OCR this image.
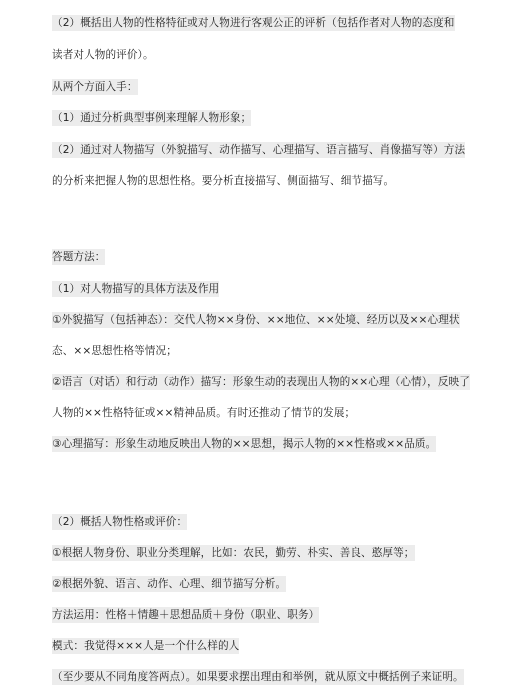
（2）概括出人物的性格特征或对人物进行客观公正的评析（包括作者对人物的态度和
读者对人物的评价）。
从两个方面入手：
（1）通过分析典型事例来理解人物形象；
（2）通过对人物描写（外貌描写、动作描写、心理描写、语言描写、肖像描写等）方法
的分析来把握人物的思想性格。要分析直接描写、侧面描写、细节描写。
答题方法：
（1）对人物描写的具体方法及作用
①外貌描写（包括神态）：交代人物××身份、××地位、××处境、经历以及××心理状
态、××思想性格等情况；
②语言（对话）和行动（动作）描写：形象生动的表现出人物的××心理（心情），反映了
人物的××性格特征或××精神品质。有时还推动了情节的发展；
③心理描写：形象生动地反映出人物的××思想，揭示人物的××性格或××品质。
（2）概括人物性格或评价：
①根据人物身份、职业分类理解，比如：农民，勤劳、朴实、善良、憨厚等；
②根据外貌、语言、动作、心理、细节描写分析。
方法运用：性格＋情趣＋思想品质＋身份（职业、职务）
模式：我觉得×××人是一个什么样的人
（至少要从不同角度答两点）。如果要求摆出理由和举例，就从原文中概括例子来证明。
